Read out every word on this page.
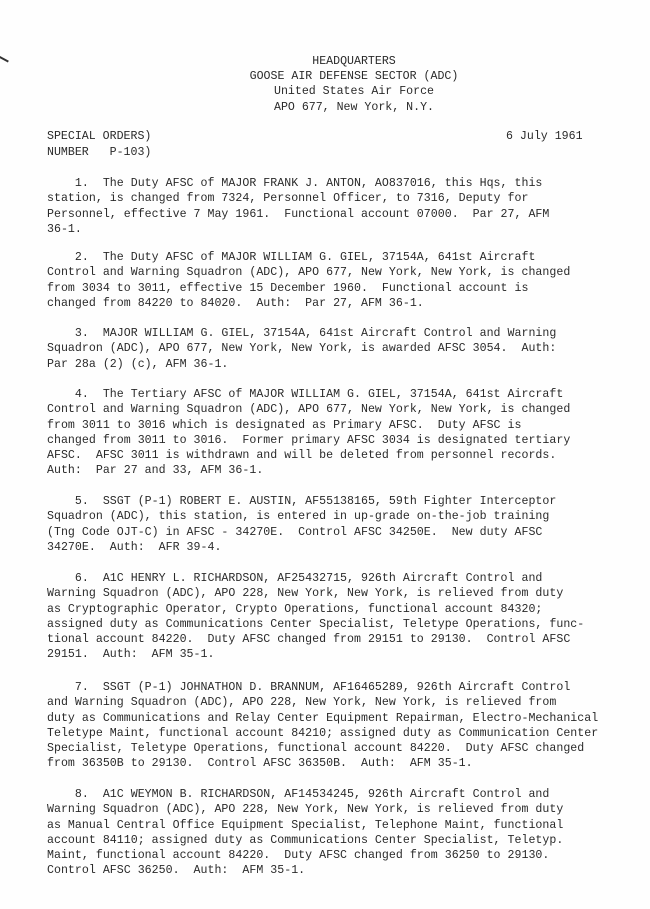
HEADQUARTERS
GOOSE AIR DEFENSE SECTOR (ADC)
United States Air Force
APO 677, New York, N.Y.
SPECIAL ORDERS)
NUMBER   P-103)
6 July 1961
1.  The Duty AFSC of MAJOR FRANK J. ANTON, AO837016, this Hqs, this
station, is changed from 7324, Personnel Officer, to 7316, Deputy for
Personnel, effective 7 May 1961.  Functional account 07000.  Par 27, AFM
36-1.
2.  The Duty AFSC of MAJOR WILLIAM G. GIEL, 37154A, 641st Aircraft
Control and Warning Squadron (ADC), APO 677, New York, New York, is changed
from 3034 to 3011, effective 15 December 1960.  Functional account is
changed from 84220 to 84020.  Auth:  Par 27, AFM 36-1.
3.  MAJOR WILLIAM G. GIEL, 37154A, 641st Aircraft Control and Warning
Squadron (ADC), APO 677, New York, New York, is awarded AFSC 3054.  Auth:
Par 28a (2) (c), AFM 36-1.
4.  The Tertiary AFSC of MAJOR WILLIAM G. GIEL, 37154A, 641st Aircraft
Control and Warning Squadron (ADC), APO 677, New York, New York, is changed
from 3011 to 3016 which is designated as Primary AFSC.  Duty AFSC is
changed from 3011 to 3016.  Former primary AFSC 3034 is designated tertiary
AFSC.  AFSC 3011 is withdrawn and will be deleted from personnel records.
Auth:  Par 27 and 33, AFM 36-1.
5.  SSGT (P-1) ROBERT E. AUSTIN, AF55138165, 59th Fighter Interceptor
Squadron (ADC), this station, is entered in up-grade on-the-job training
(Tng Code OJT-C) in AFSC - 34270E.  Control AFSC 34250E.  New duty AFSC
34270E.  Auth:  AFR 39-4.
6.  A1C HENRY L. RICHARDSON, AF25432715, 926th Aircraft Control and
Warning Squadron (ADC), APO 228, New York, New York, is relieved from duty
as Cryptographic Operator, Crypto Operations, functional account 84320;
assigned duty as Communications Center Specialist, Teletype Operations, func-
tional account 84220.  Duty AFSC changed from 29151 to 29130.  Control AFSC
29151.  Auth:  AFM 35-1.
7.  SSGT (P-1) JOHNATHON D. BRANNUM, AF16465289, 926th Aircraft Control
and Warning Squadron (ADC), APO 228, New York, New York, is relieved from
duty as Communications and Relay Center Equipment Repairman, Electro-Mechanical
Teletype Maint, functional account 84210; assigned duty as Communication Center
Specialist, Teletype Operations, functional account 84220.  Duty AFSC changed
from 36350B to 29130.  Control AFSC 36350B.  Auth:  AFM 35-1.
8.  A1C WEYMON B. RICHARDSON, AF14534245, 926th Aircraft Control and
Warning Squadron (ADC), APO 228, New York, New York, is relieved from duty
as Manual Central Office Equipment Specialist, Telephone Maint, functional
account 84110; assigned duty as Communications Center Specialist, Teletyp.
Maint, functional account 84220.  Duty AFSC changed from 36250 to 29130.
Control AFSC 36250.  Auth:  AFM 35-1.
